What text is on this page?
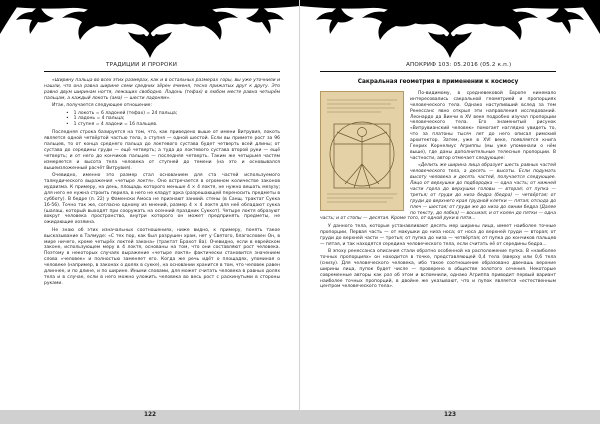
ТРАДИЦИИ И ПРОРОКИ

«Ширину пальца во всех этих размерах, как и в остальных размерах Торы, вы уже уточнили и нашли, что она равна ширине семи средних зёрен ячменя, тесно прижатых друг к другу. Это равно двум ширинам ногтя, лежащих свободно. Ладонь (тефах) в любом месте равна четырём пальцам, а каждый локоть (ама) — шести ладоням».

Итак, получается следующее отношение:

• 1 локоть = 6 ладоней (тефах) = 24 пальца;
• 1 ладонь = 4 пальца;
• 1 ступня = 4 ладони = 16 пальцев.

Последняя строка базируется на том, что, как приведено выше от имени Витрувия, локоть является одной четвёртой частью тела, а ступня — одной шестой. Если вы примете рост за 96 пальцев, то от конца среднего пальца до локтевого сустава будет четверть всей длины; от сустава до середины груди — ещё четверть; а туда до локтевого сустава второй руки — ещё четверть; и от него до кончиков пальцев — последняя четверть. Таким же четырьмя частям измеряется и высота тела человека от ступней до темени (на это и основывался вышеизложенный расчёт Витрувия).

Очевидно, именно это размер стал основанием для ста частей используемого талмудического выражения «четыре локтя». Оно встречается в огромном количестве законов иудаизма. К примеру, на день, площадь которого меньше 4 × 4 локтя, не нужно вешать мезузу; для него не нужна строить перила, в него не кладут арка (разрешающей переносить предметы в субботу). В бедре (п. 22) у Фаменски Амоса не признают заниий. стены (в Санщ. трактат Сукка 16-56). Точно так же, согласно одному из мнений, размер 4 × 4 локтя для неё обладают сукка (шалаш, который выходят при сооружать на осенний праздник Суккот). Четыре локтя образуют вокруг человека пространство, внутри которого он может предпринять предметы, не ожидающие хозяина.

Не знаю об этих изначальных соотношениях, ниже видно, к примеру, понять такое высказывание в Талмуде: «С тех пор, как был разрушен храм, нет у Святого, благословен Он, в мире ничего, кроме четырёх локтей закона» (трактат Брахот 8а). Очевидно, если в еврейском законе, использующем меру в 4 локтя, основаны на том, что они составляют рост человека. Поэтому в некоторых случаях выражение «четыре локтя» фактически становится значением слова «человек» и полностью заменяет его. Когда же речь идёт о площадях, упоминая о человеке (например, в законах о долях в сукке), на основании хранится в том, что человек равен длиннее, и по длине, и по ширине. Иными словами, для может считать человека в равных долях тела и в случае, если в него можно уложить человека во весь рост с раскинутыми в стороны руками.

122
АПОКРИФ 103: 05.2016 (05.2 к.п.)
Сакральная геометрия в применении к космосу

По-видимому, в средневековой Европе нинемало интересовались сакральной геометрией и пропорциях человеческого тела. Однако наступивший вслед за тем Ренессанс явно открыл эти направления исследований. Леонардо да Винчи в XV веке подробно изучал пропорции человеческого тела. Его знаменитый рисунок «Витрувианский человек» помогает наглядно увидеть то, что за платоны тысяч лет до него описал римский архитектор. Затем, уже в XVI веке, появляется книга Генрих Корнелиус Агриппы (мы уже упоминали о нём выше), где даны дополнительные телесные пропорции. В частности, автор отмечает следующее:

«Делить же ширина лица образует шесть равных частей человеческого тела, а десять — высоты. Если подумать высоту человека и десять частей, получается следующее. Лицо от верхушки до подбородка — одна часть; от нижней части горла до верхушки головы — вторая; от пупка — третья; от груди до низа бедра (бедра) — четвёртая; от груди до верхнего края грудной клетки — пятая; отсюда до плеч — шестая; от груди же до низа до линии бедра (Далее по тексту, до лобка) — восьмая; и от колен до пятки — одна часть; и от стопы — десятая. Кроме того, от одной руки в пяти...

У данного тела, которые устанавливают десять мер ширины лица, имеет наиболее точные пропорции. Первая часть — от макушки до низа носа; от носа до верхней груди — вторая; от груди до верхней части — третья; от пупка до низа — четвёртая; от пупка до кончиков пальцев — пятая, и так находятся середина человеческого тела, если считать её от середины бедра...

В эпоху ренессанса описания стали обратно особенной на расположение пупка. В «наиболее точных пропорциях» он находится в точке, представляющей 0,4 тела (вверху или 0,6 тела (снизу). Для человеческого человека, ибо такое соотношение образовано двенашь верхние ширины лица, пупок будет числе — проверено в обществе золотого сечения. Некоторые современные авторы как раз об этом и вспомнили, однако Агриппа приводит первый вариант наиболее точных пропорций, в двойне же указывают, что и пупок является «естественным центром человеческого тела».

123
